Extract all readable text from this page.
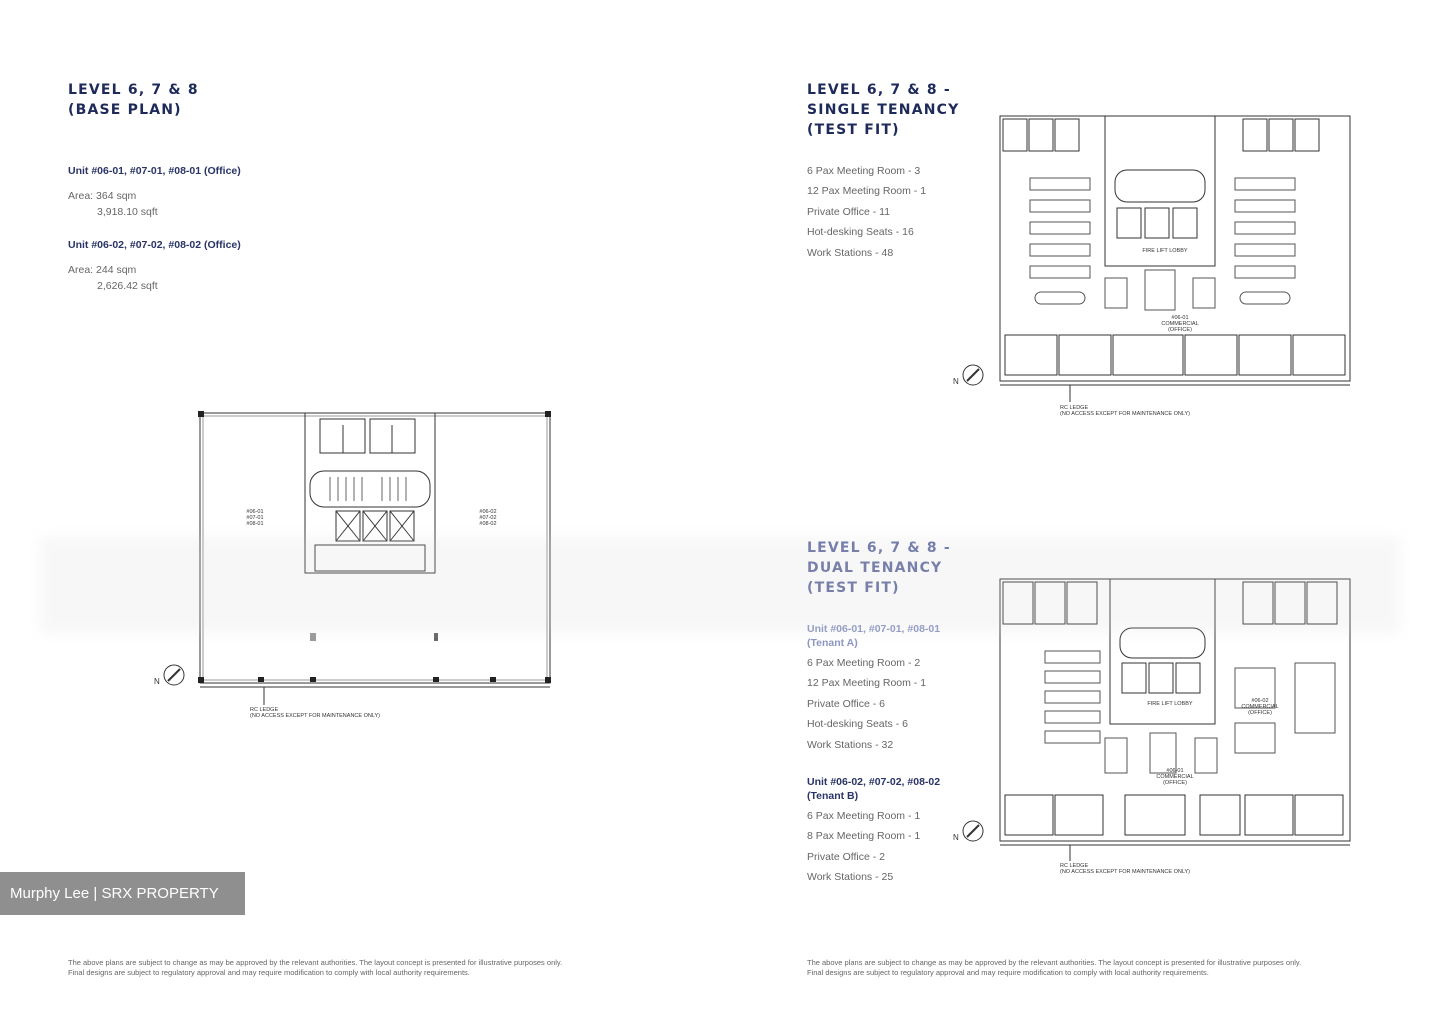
LEVEL 6, 7 & 8

(BASE PLAN)

Unit #06-01, #07-01, #08-01 (Office)
Area: 364 sqm
3,918.10 sqft
Unit #06-02, #07-02, #08-02 (Office)
Area: 244 sqm
2,626.42 sqft
#06-01
#07-01
#08-01
#06-02
#07-02
#08-02
N
RC LEDGE
(NO ACCESS EXCEPT FOR MAINTENANCE ONLY)
The above plans are subject to change as may be approved by the relevant authorities. The layout concept is presented for illustrative purposes only.
Final designs are subject to regulatory approval and may require modification to comply with local authority requirements.

LEVEL 6, 7 & 8 -

SINGLE TENANCY

(TEST FIT)

6 Pax Meeting Room - 3
12 Pax Meeting Room - 1
Private Office - 11
Hot-desking Seats - 16
Work Stations - 48	FIRE LIFT LOBBY
#06-01 COMMERCIAL (OFFICE)
N
RC LEDGE
(NO ACCESS EXCEPT FOR MAINTENANCE ONLY)

LEVEL 6, 7 & 8 -

DUAL TENANCY

(TEST FIT)

Unit #06-01, #07-01, #08-01 (Tenant A)
6 Pax Meeting Room - 2
12 Pax Meeting Room - 1
Private Office - 6
Hot-desking Seats - 6
Work Stations - 32
Unit #06-02, #07-02, #08-02
(Tenant B)
6 Pax Meeting Room - 1
8 Pax Meeting Room - 1
Private Office - 2
Work Stations - 25
FIRE LIFT LOBBY
#06-01 COMMERCIAL (OFFICE)
#06-02 COMMERCIAL (OFFICE)
N
RC LEDGE
(NO ACCESS EXCEPT FOR MAINTENANCE ONLY)
The above plans are subject to change as may be approved by the relevant authorities. The layout concept is presented for illustrative purposes only.
Final designs are subject to regulatory approval and may require modification to comply with local authority requirements.
Murphy Lee | SRX PROPERTY
